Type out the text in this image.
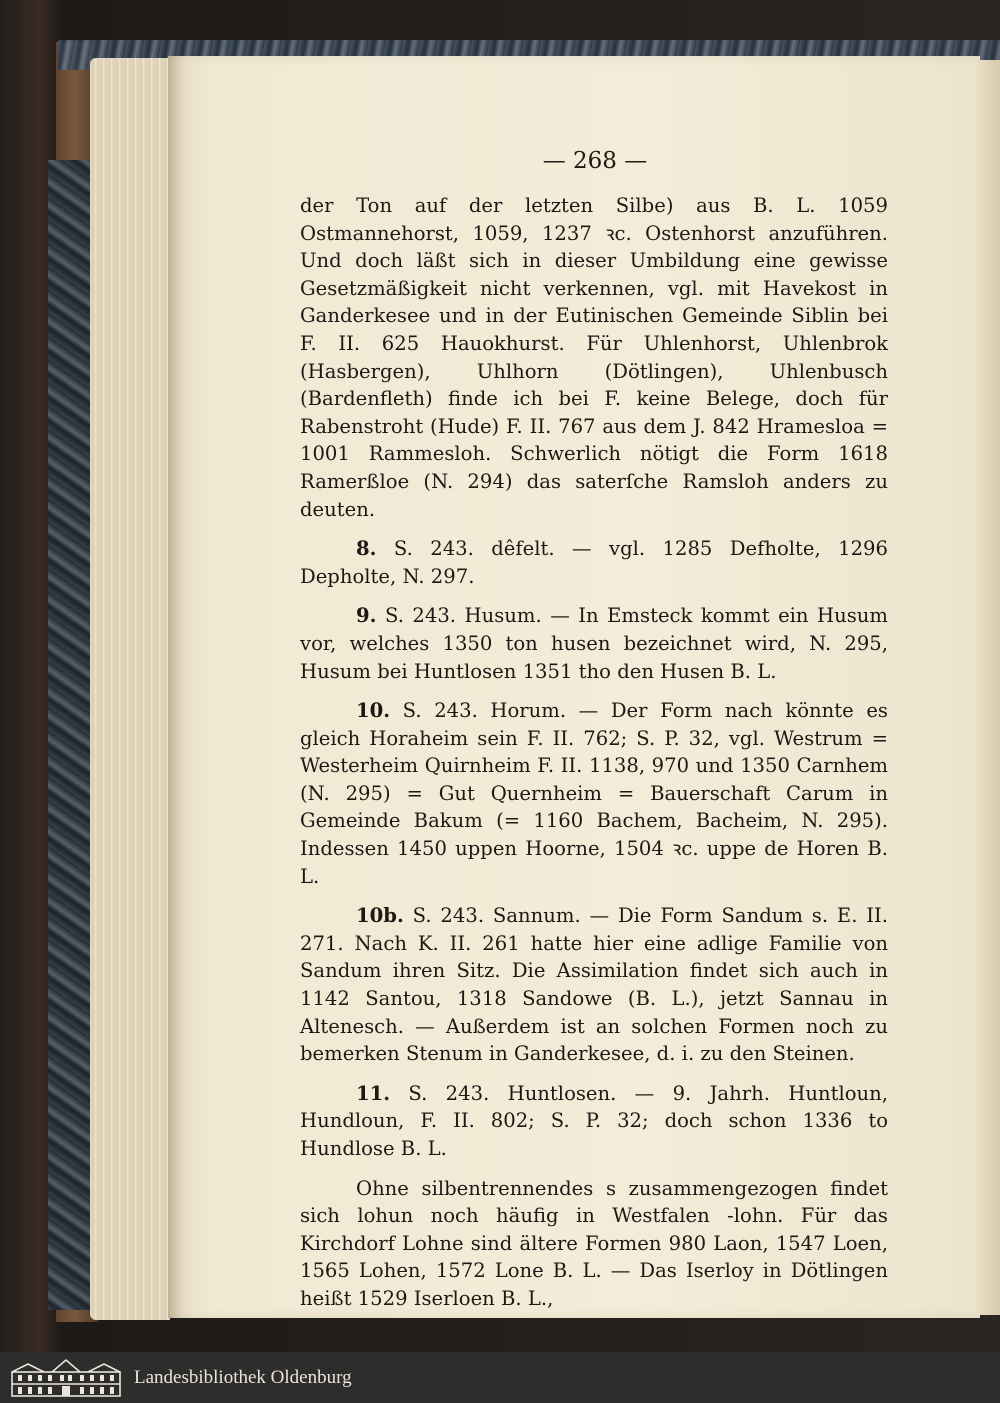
— 268 —

der Ton auf der letzten Silbe) aus B. L. 1059 Ostmannehorst, 1059, 1237 ꝛc. Ostenhorst anzuführen. Und doch läßt sich in dieser Umbildung eine gewisse Gesetzmäßigkeit nicht verkennen, vgl. mit Havekost in Ganderkesee und in der Eutinischen Gemeinde Siblin bei F. II. 625 Hauokhurst. Für Uhlenhorst, Uhlenbrok (Hasbergen), Uhlhorn (Dötlingen), Uhlenbusch (Bardenfleth) finde ich bei F. keine Belege, doch für Rabenstroht (Hude) F. II. 767 aus dem J. 842 Hramesloa = 1001 Rammesloh. Schwerlich nötigt die Form 1618 Ramerßloe (N. 294) das saterſche Ramsloh anders zu deuten.

8. S. 243. dêfelt. — vgl. 1285 Defholte, 1296 Depholte, N. 297.

9. S. 243. Husum. — In Emsteck kommt ein Husum vor, welches 1350 ton husen bezeichnet wird, N. 295, Husum bei Huntlosen 1351 tho den Husen B. L.

10. S. 243. Horum. — Der Form nach könnte es gleich Horaheim sein F. II. 762; S. P. 32, vgl. Westrum = Westerheim Quirnheim F. II. 1138, 970 und 1350 Carnhem (N. 295) = Gut Quernheim = Bauerschaft Carum in Gemeinde Bakum (= 1160 Bachem, Bacheim, N. 295). Indessen 1450 uppen Hoorne, 1504 ꝛc. uppe de Horen B. L.

10b. S. 243. Sannum. — Die Form Sandum s. E. II. 271. Nach K. II. 261 hatte hier eine adlige Familie von Sandum ihren Sitz. Die Assimilation findet sich auch in 1142 Santou, 1318 Sandowe (B. L.), jetzt Sannau in Altenesch. — Außerdem ist an solchen Formen noch zu bemerken Stenum in Ganderkesee, d. i. zu den Steinen.

11. S. 243. Huntlosen. — 9. Jahrh. Huntloun, Hundloun, F. II. 802; S. P. 32; doch schon 1336 to Hundlose B. L.

Ohne silbentrennendes s zusammengezogen findet sich lohun noch häufig in Westfalen -lohn. Für das Kirchdorf Lohne sind ältere Formen 980 Laon, 1547 Loen, 1565 Lohen, 1572 Lone B. L. — Das Iserloy in Dötlingen heißt 1529 Iserloen B. L.,

Landesbibliothek Oldenburg
